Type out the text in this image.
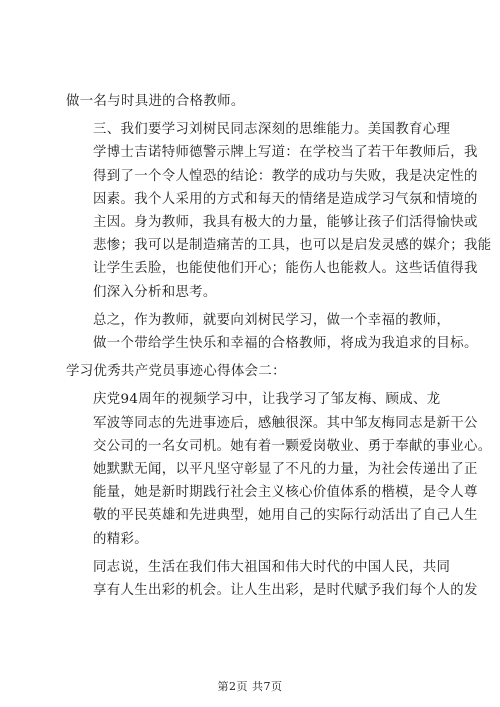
做一名与时具进的合格教师。

三、我们要学习刘树民同志深刻的思维能力。美国教育心理
学博士吉诺特师德警示牌上写道：在学校当了若干年教师后，我
得到了一个令人惶恐的结论：教学的成功与失败，我是决定性的
因素。我个人采用的方式和每天的情绪是造成学习气氛和情境的
主因。身为教师，我具有极大的力量，能够让孩子们活得愉快或
悲惨；我可以是制造痛苦的工具，也可以是启发灵感的媒介；我能
让学生丢脸，也能使他们开心；能伤人也能救人。这些话值得我
们深入分析和思考。

总之，作为教师，就要向刘树民学习，做一个幸福的教师，
做一个带给学生快乐和幸福的合格教师，将成为我追求的目标。

学习优秀共产党员事迹心得体会二：

庆党94周年的视频学习中，让我学习了邹友梅、顾成、龙
军波等同志的先进事迹后，感触很深。其中邹友梅同志是新干公
交公司的一名女司机。她有着一颗爱岗敬业、勇于奉献的事业心。
她默默无闻，以平凡坚守彰显了不凡的力量，为社会传递出了正
能量，她是新时期践行社会主义核心价值体系的楷模，是令人尊
敬的平民英雄和先进典型，她用自己的实际行动活出了自己人生
的精彩。

同志说，生活在我们伟大祖国和伟大时代的中国人民，共同
享有人生出彩的机会。让人生出彩，是时代赋予我们每个人的发

第2页 共7页
